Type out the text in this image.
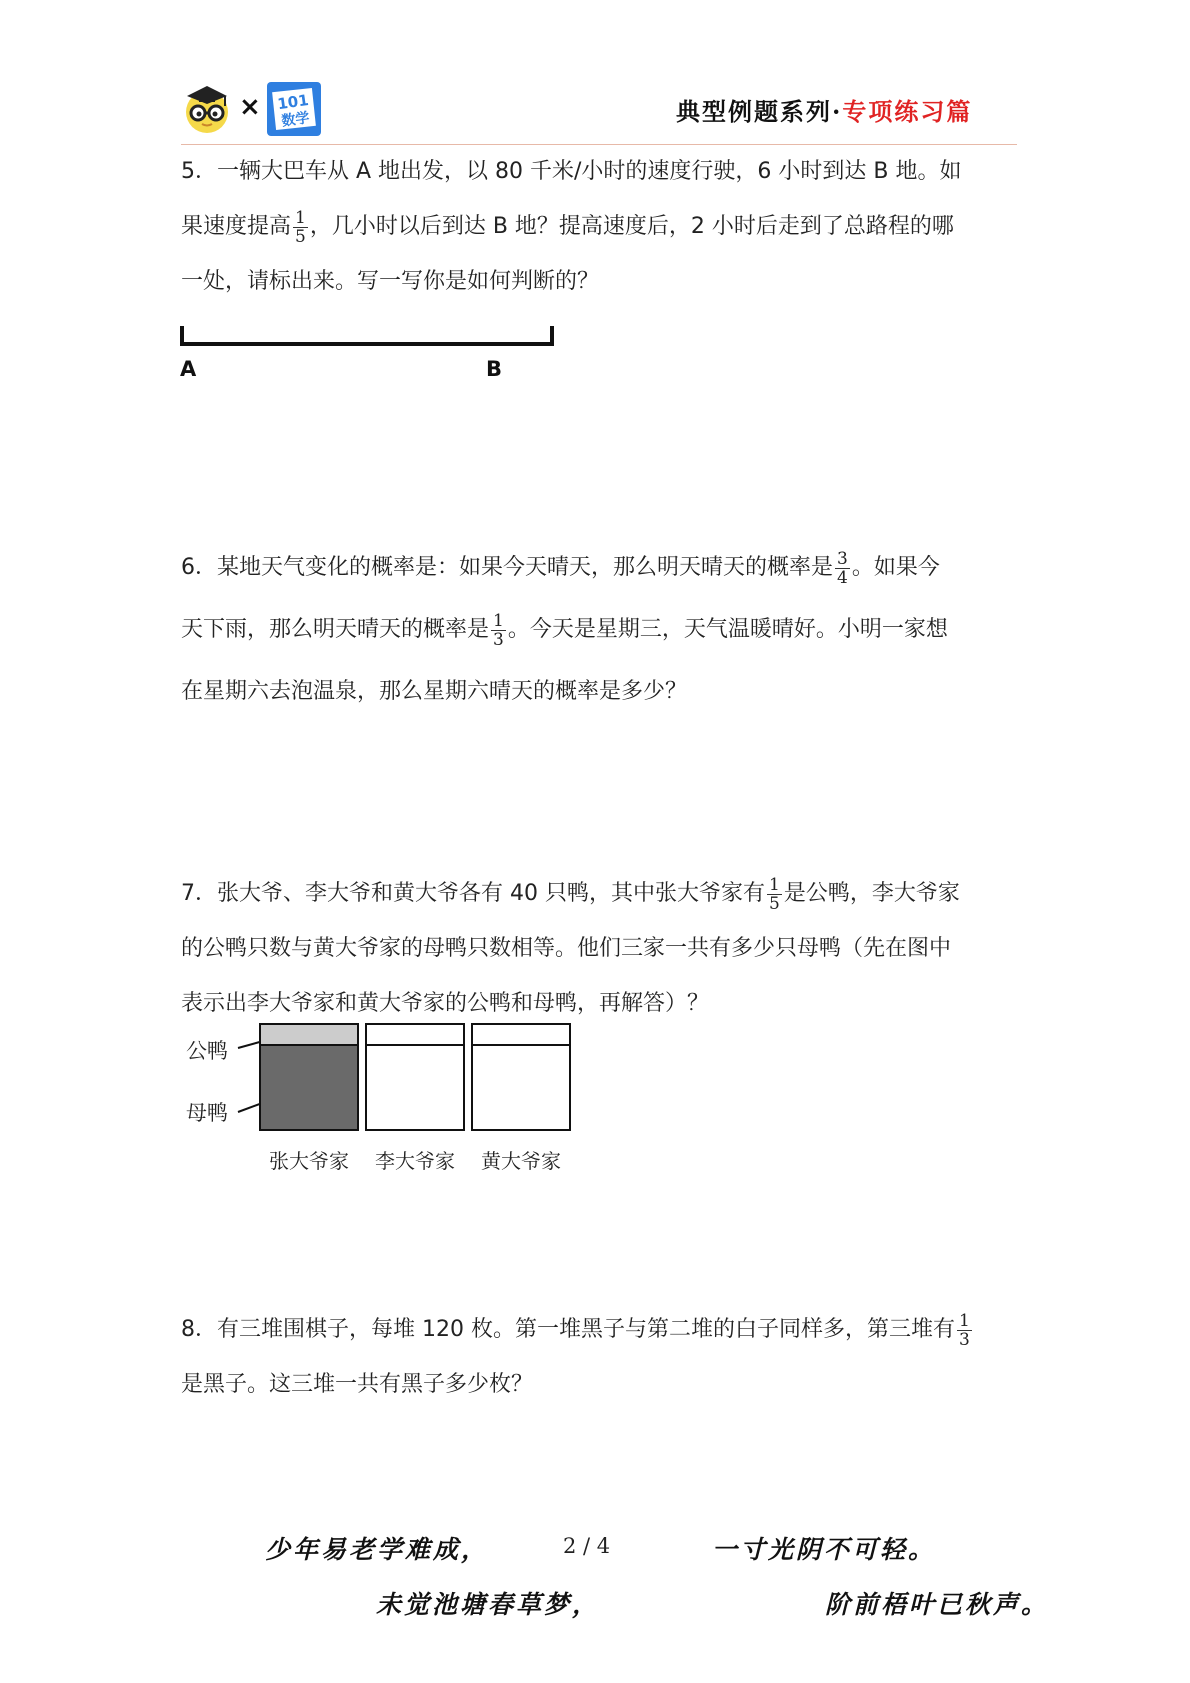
× 101
数学	典型例题系列·专项练习篇
5．一辆大巴车从 A 地出发，以 80 千米/小时的速度行驶，6 小时到达 B 地。如
果速度提高 $\frac{1}{5}$ ，几小时以后到达 B 地？提高速度后，2 小时后走到了总路程的哪
一处，请标出来。写一写你是如何判断的？
A	B
6．某地天气变化的概率是：如果今天晴天，那么明天晴天的概率是 $\frac{3}{4}$ 。如果今
天下雨，那么明天晴天的概率是 $\frac{1}{3}$ 。今天是星期三，天气温暖晴好。小明一家想
在星期六去泡温泉，那么星期六晴天的概率是多少？
7．张大爷、李大爷和黄大爷各有 40 只鸭，其中张大爷家有 $\frac{1}{5}$ 是公鸭，李大爷家
的公鸭只数与黄大爷家的母鸭只数相等。他们三家一共有多少只母鸭（先在图中
表示出李大爷家和黄大爷家的公鸭和母鸭，再解答）？
公鸭
母鸭
张大爷家 李大爷家 黄大爷家
8．有三堆围棋子，每堆 120 枚。第一堆黑子与第二堆的白子同样多，第三堆有 $\frac{1}{3}$
是黑子。这三堆一共有黑子多少枚？
少年易老学难成，	2 / 4	一寸光阴不可轻。
未觉池塘春草梦，	阶前梧叶已秋声。
